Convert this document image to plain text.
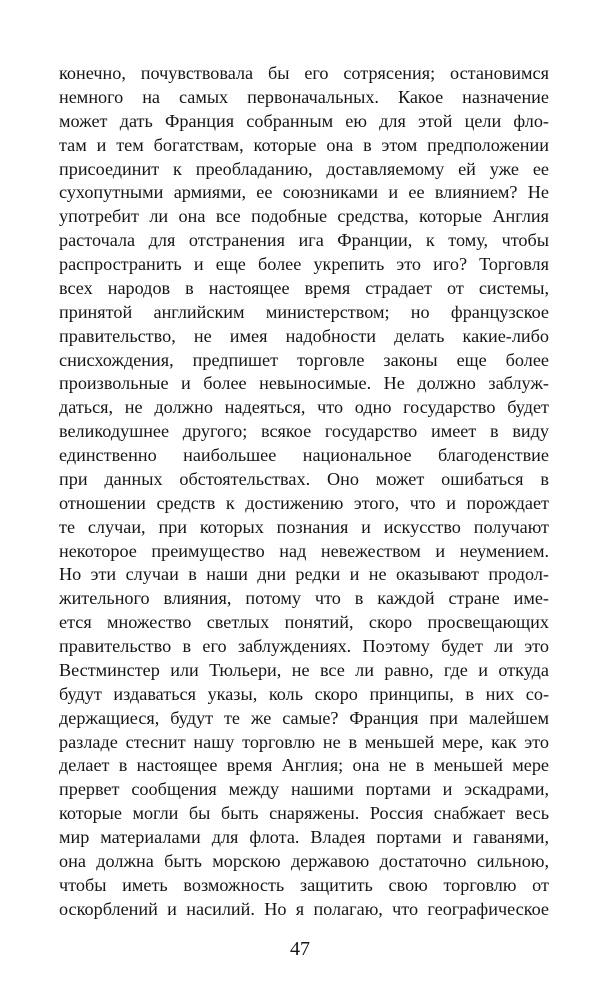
конечно, почувствовала бы его сотрясения; остановимся
немного на самых первоначальных. Какое назначение
может дать Франция собранным ею для этой цели фло-
там и тем богатствам, которые она в этом предположении
присоединит к преобладанию, доставляемому ей уже ее
сухопутными армиями, ее союзниками и ее влиянием? Не
употребит ли она все подобные средства, которые Англия
расточала для отстранения ига Франции, к тому, чтобы
распространить и еще более укрепить это иго? Торговля
всех народов в настоящее время страдает от системы,
принятой английским министерством; но французское
правительство, не имея надобности делать какие-либо
снисхождения, предпишет торговле законы еще более
произвольные и более невыносимые. Не должно заблуж-
даться, не должно надеяться, что одно государство будет
великодушнее другого; всякое государство имеет в виду
единственно наибольшее национальное благоденствие
при данных обстоятельствах. Оно может ошибаться в
отношении средств к достижению этого, что и порождает
те случаи, при которых познания и искусство получают
некоторое преимущество над невежеством и неумением.
Но эти случаи в наши дни редки и не оказывают продол-
жительного влияния, потому что в каждой стране име-
ется множество светлых понятий, скоро просвещающих
правительство в его заблуждениях. Поэтому будет ли это
Вестминстер или Тюльери, не все ли равно, где и откуда
будут издаваться указы, коль скоро принципы, в них со-
держащиеся, будут те же самые? Франция при малейшем
разладе стеснит нашу торговлю не в меньшей мере, как это
делает в настоящее время Англия; она не в меньшей мере
прервет сообщения между нашими портами и эскадрами,
которые могли бы быть снаряжены. Россия снабжает весь
мир материалами для флота. Владея портами и гаванями,
она должна быть морскою державою достаточно сильною,
чтобы иметь возможность защитить свою торговлю от
оскорблений и насилий. Но я полагаю, что географическое
47
